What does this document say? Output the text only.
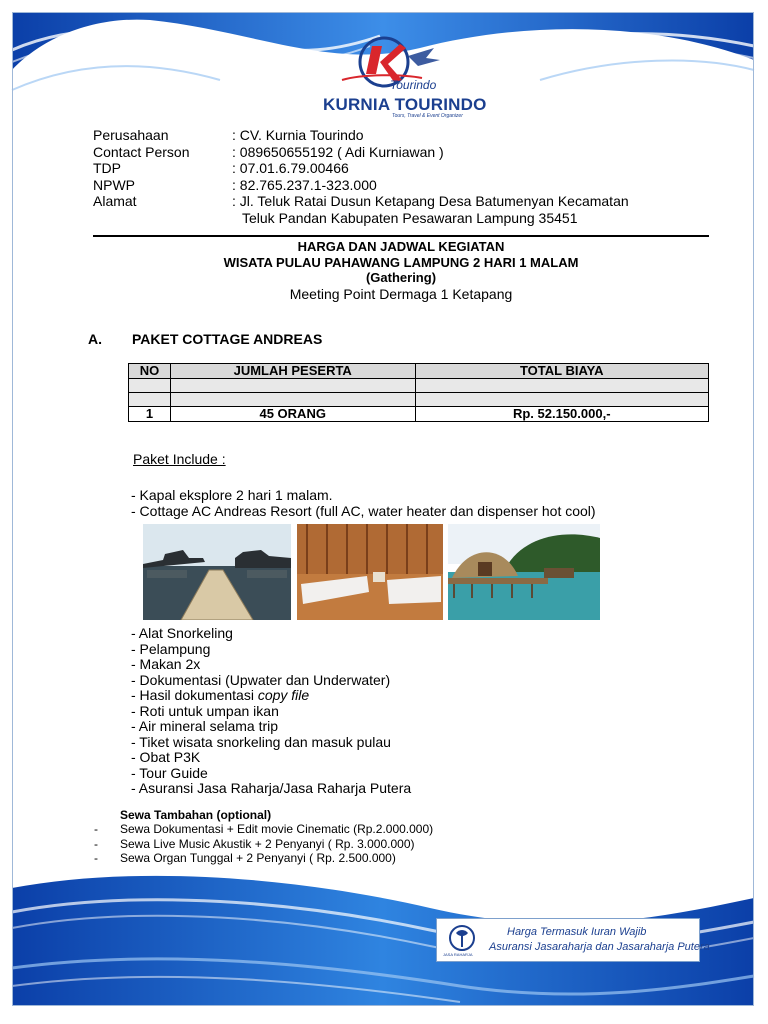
Tourindo
KURNIA TOURINDO
Tours, Travel & Event Organizer
Perusahaan	: CV. Kurnia Tourindo
Contact Person	: 089650655192 ( Adi Kurniawan )
TDP	: 07.01.6.79.00466
NPWP	: 82.765.237.1-323.000
Alamat	: Jl. Teluk Ratai Dusun Ketapang Desa Batumenyan Kecamatan
Teluk Pandan Kabupaten Pesawaran Lampung 35451
HARGA DAN JADWAL KEGIATAN
WISATA PULAU PAHAWANG LAMPUNG 2 HARI 1 MALAM
(Gathering)
Meeting Point Dermaga 1 Ketapang
A. PAKET COTTAGE ANDREAS
NO	JUMLAH PESERTA	TOTAL BIAYA

1	45 ORANG	Rp. 52.150.000,-
Paket Include :
- Kapal eksplore 2 hari 1 malam.
- Cottage AC Andreas Resort (full AC, water heater dan dispenser hot cool)
- Alat Snorkeling
- Pelampung
- Makan 2x
- Dokumentasi (Upwater dan Underwater)
- Hasil dokumentasi copy file
- Roti untuk umpan ikan
- Air mineral selama trip
- Tiket wisata snorkeling dan masuk pulau
- Obat P3K
- Tour Guide
- Asuransi Jasa Raharja/Jasa Raharja Putera
Sewa Tambahan (optional)
- Sewa Dokumentasi + Edit movie Cinematic (Rp.2.000.000)
- Sewa Live Music Akustik + 2 Penyanyi ( Rp. 3.000.000)
- Sewa Organ Tunggal + 2 Penyanyi ( Rp. 2.500.000)
JASA RAHARJA
Harga Termasuk Iuran Wajib
Asuransi Jasaraharja dan Jasaraharja Putera
